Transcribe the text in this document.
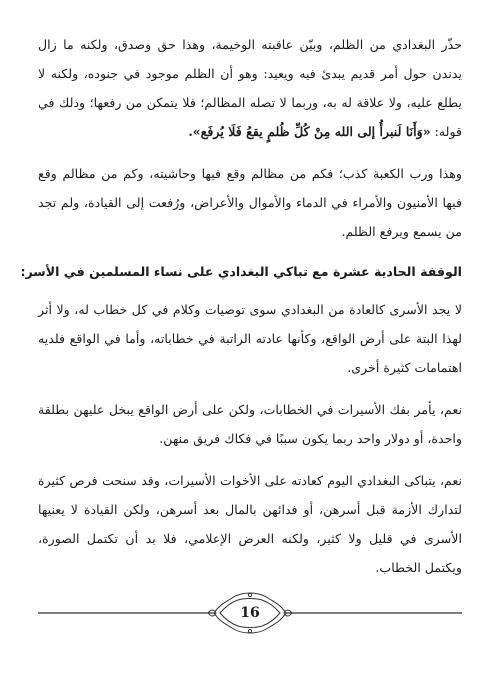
حذّر البغدادي من الظلم، وبيّن عاقبته الوخيمة، وهذا حق وصدق، ولكنه ما زال يدندن حول أمر قديم يبدئ فيه ويعيد: وهو أن الظلم موجود في جنوده، ولكنه لا يطلع عليه، ولا علاقة له به، وربما لا تصله المظالم؛ فلا يتمكن من رفعها؛ وذلك في قوله: «وَأَنَا لَنبرأُ إلى الله مِنْ كُلِّ ظُلمٍ يقعُ فَلَا يُرفَع».

وهذا ورب الكعبة كذب؛ فكم من مظالم وقع فيها وحاشيته، وكم من مظالم وقع فيها الأمنيون والأمراء في الدماء والأموال والأعراض، ورُفعت إلى القيادة، ولم تجد من يسمع ويرفع الظلم.

الوقفة الحادية عشرة مع تباكي البغدادي على نساء المسلمين في الأسر:

لا يجد الأسرى كالعادة من البغدادي سوى توصيات وكلام في كل خطاب له، ولا أثر لهذا البتة على أرض الواقع، وكأنها عادته الراتبة في خطاباته، وأما في الواقع فلديه اهتمامات كثيرة أخرى.

نعم، يأمر بفك الأسيرات في الخطابات، ولكن على أرض الواقع يبخل عليهن بطلقة واحدة، أو دولار واحد ربما يكون سببًا في فكاك فريق منهن.

نعم، يتباكى البغدادي اليوم كعادته على الأخوات الأسيرات، وقد سنحت فرص كثيرة لتدارك الأزمة قبل أسرهن، أو فدائهن بالمال بعد أسرهن، ولكن القيادة لا يعنيها الأسرى في قليل ولا كثير، ولكنه العرض الإعلامي، فلا بد أن تكتمل الصورة، ويكتمل الخطاب.

16
